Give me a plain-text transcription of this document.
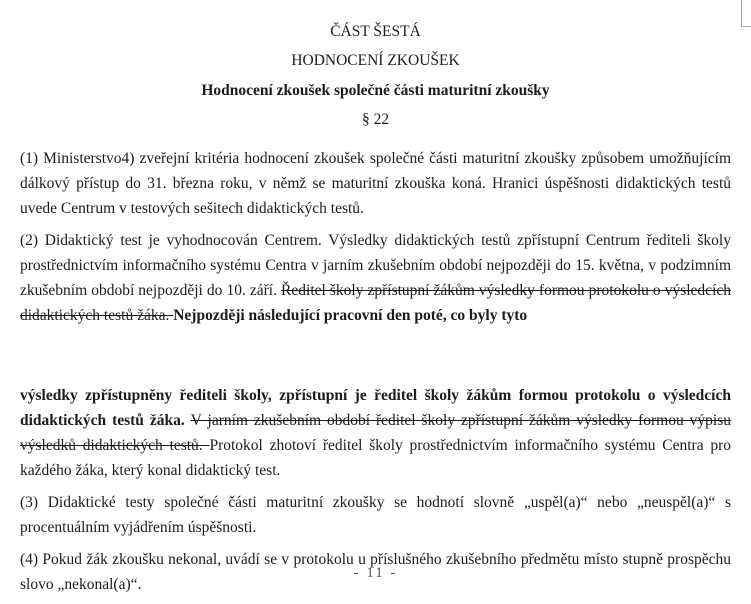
ČÁST ŠESTÁ
HODNOCENÍ ZKOUŠEK
Hodnocení zkoušek společné části maturitní zkoušky
§ 22

(1) Ministerstvo4) zveřejní kritéria hodnocení zkoušek společné části maturitní zkoušky způsobem umožňujícím dálkový přístup do 31. března roku, v němž se maturitní zkouška koná. Hranici úspěšnosti didaktických testů uvede Centrum v testových sešitech didaktických testů.

(2) Didaktický test je vyhodnocován Centrem. Výsledky didaktických testů zpřístupní Centrum řediteli školy prostřednictvím informačního systému Centra v jarním zkušebním období nejpozději do 15. května, v podzimním zkušebním období nejpozději do 10. září. Ředitel školy zpřístupní žákům výsledky formou protokolu o výsledcích didaktických testů žáka. Nejpozději následující pracovní den poté, co byly tyto

výsledky zpřístupněny řediteli školy, zpřístupní je ředitel školy žákům formou protokolu o výsledcích didaktických testů žáka. V jarním zkušebním období ředitel školy zpřístupní žákům výsledky formou výpisu výsledků didaktických testů. Protokol zhotoví ředitel školy prostřednictvím informačního systému Centra pro každého žáka, který konal didaktický test.

(3) Didaktické testy společné části maturitní zkoušky se hodnotí slovně „uspěl(a)“ nebo „neuspěl(a)“ s procentuálním vyjádřením úspěšnosti.

(4) Pokud žák zkoušku nekonal, uvádí se v protokolu u příslušného zkušebního předmětu místo stupně prospěchu slovo „nekonal(a)“.

- 11 -
